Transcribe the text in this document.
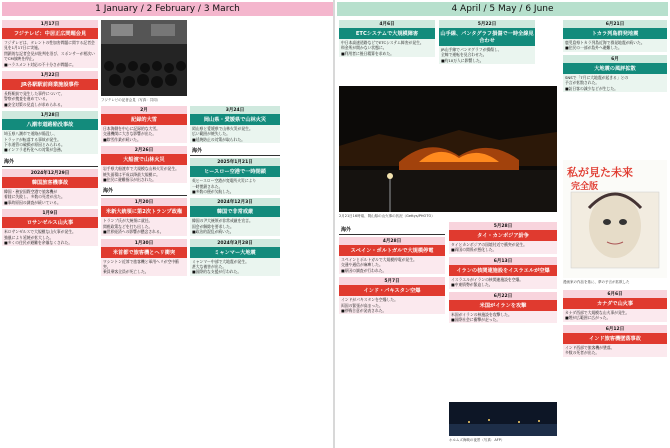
1 January / 2 February / 3 March
1月17日
フジテレビ：中居正広問題会見
フジテレビは、タレントの性加害問題に関する記者会見を1月17日に実施。
閉鎖的な記者会見が批判を浴び、スポンサーが相次いでCM放映を停止。
■ハラスメント対応の不十分さが問題に。
1月22日
JR各駅駅前商業施設事件
長野駅前で発生した事件について、
警察が捜査を進めている。
■安全対策の見直しが求められる。
1月28日
八潮市道路陥没事故
埼玉県八潮市で道路が陥没し、
トラックが転落する事故が発生。
下水道管の破損が原因とみられる。
■インフラ老朽化への対策が急務。
海外
2024年12月29日
韓国旅客機事故
韓国・務安国際空港で旅客機が
着陸に失敗し、多数の死者が出た。
■事故原因の調査が続いている。
1月9日
ロサンゼルス山火事
米ロサンゼルスで大規模な山火事が発生。
強風により延焼が拡大した。
■多くの住民が避難を余儀なくされた。
フジテレビの記者会見（写真：共同）
2月
記録的大雪
日本海側を中心に記録的な大雪。
交通機関に大きな影響が出た。
■除雪作業が続いた。
2月26日
大船渡で山林火災
岩手県大船渡市で大規模な山林火災が発生。
焼失面積は平成以降最大規模に。
■住民に避難指示が出された。
海外
1月20日
米新大統領に第2次トランプ政権
トランプ氏が大統領に就任。
関税政策などを打ち出した。
■世界経済への影響が懸念される。
1月30日
米首都で旅客機とヘリ衝突
ワシントン近郊で旅客機と軍用ヘリが空中衝突。
乗員乗客全員が死亡した。
3月24日
岡山県・愛媛県で山林火災
岡山県と愛媛県で山林火災が発生。
広い範囲が焼失した。
■延焼防止の対策が取られた。
海外
2025年1月21日
ヒースロー空港で一時閉鎖
英ヒースロー空港が変電所火災により
一時閉鎖された。
■多数の便が欠航した。
2024年12月3日
韓国で非常戒厳
韓国の尹大統領が非常戒厳を宣言。
国会が解除を要求した。
■政治的混乱が続いた。
2024年3月28日
ミャンマー大地震
ミャンマー中部で大地震が発生。
甚大な被害が出た。
■国際的な支援が行われた。
4 April / 5 May / 6 June
4月6日
ETCシステムで大規模障害
中日本高速道路などでETCシステム障害が発生。
料金所が開かない状態に。
■利用者に後日精算を求めた。
5月22日
山手線、パンタグラフ損傷で一時全線見合わせ
JR山手線でパンタグラフが損傷し、
全線で運転を見合わせた。
■約10万人に影響した。
6月21日
トカラ列島群発地震
鹿児島県トカラ列島近海で群発地震が続いた。
■住民の一部が島外へ避難した。
6月
大地震の風評拡散
SNSで「7月に大地震が起きる」との
予言が拡散された。
■訪日客の減少などが生じた。
2月21日16時頃、岡山県の山火事の状況（Gettys/PHOTO）
私が見た未来
完全版
漫画家の作品を基に、夢の予言が拡散した
海外
4月28日
スペイン・ポルトガルで大規模停電
スペインとポルトガルで大規模停電が発生。
交通や通信が麻痺した。
■原因の調査が行われた。
5月7日
インド・パキスタン空爆
インドがパキスタンを空爆した。
両国の緊張が高まった。
■停戦合意が発表された。
5月28日
タイ・カンボジア紛争
タイとカンボジアの国境付近で衝突が発生。
■両国の関係が悪化した。
6月13日
イランの核関連施設をイスラエルが空爆
イスラエルがイランの核関連施設を空爆。
■中東情勢が緊迫した。
6月22日
米国がイランを攻撃
米国がイランの核施設を攻撃した。
■国際社会に衝撃が走った。
ホルムズ海峡の夜景（写真：AFP）
6月6日
カナダで山火事
カナダ西部で大規模な山火事が発生。
■煙が広範囲に広がった。
6月12日
インド旅客機墜落事故
インド西部で旅客機が墜落。
多数の死者が出た。
